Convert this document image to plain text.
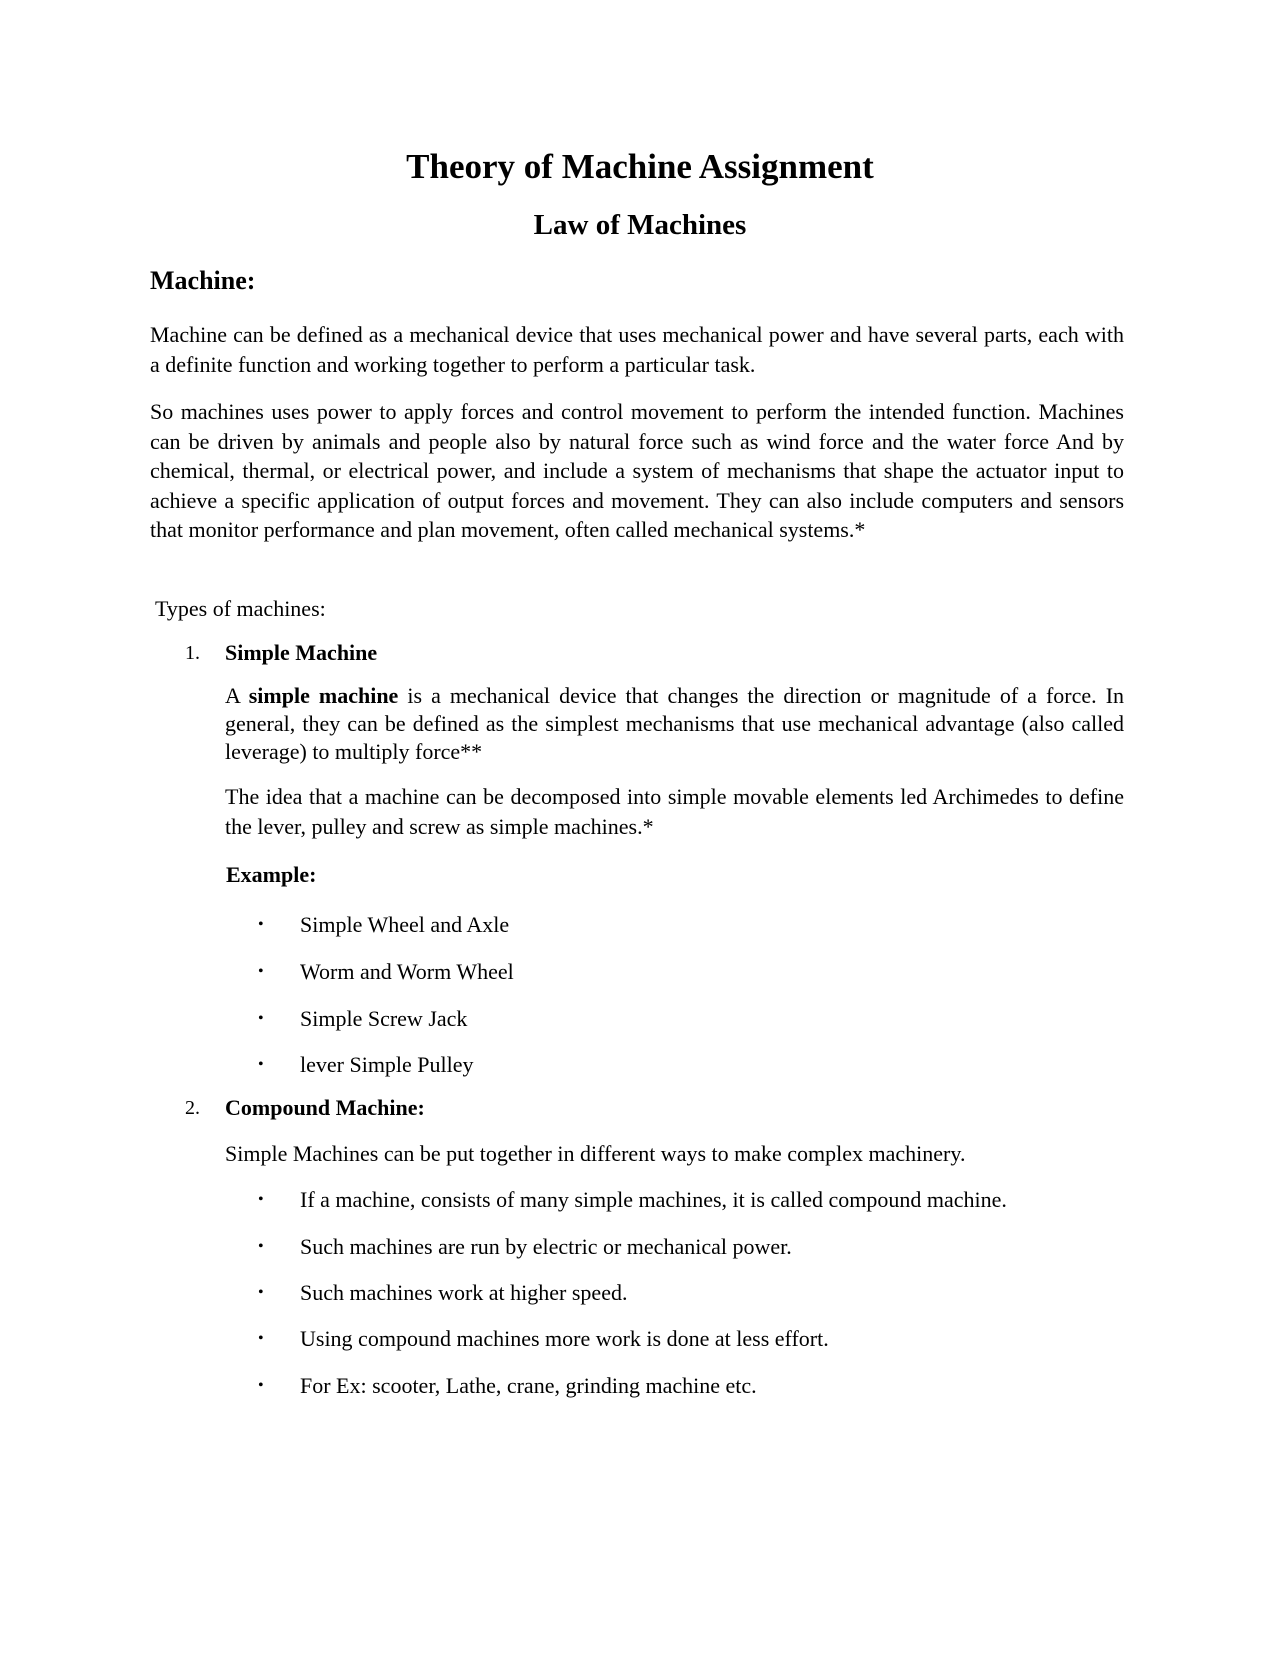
Theory of Machine Assignment
Law of Machines
Machine:

Machine can be defined as a mechanical device that uses mechanical power and have several parts, each with a definite function and working together to perform a particular task.

So machines uses power to apply forces and control movement to perform the intended function. Machines can be driven by animals and people also by natural force such as wind force and the water force And by chemical, thermal, or electrical power, and include a system of mechanisms that shape the actuator input to achieve a specific application of output forces and movement. They can also include computers and sensors that monitor performance and plan movement, often called mechanical systems.*

Types of machines:

1.	Simple Machine

A simple machine is a mechanical device that changes the direction or magnitude of a force. In general, they can be defined as the simplest mechanisms that use mechanical advantage (also called leverage) to multiply force**

The idea that a machine can be decomposed into simple movable elements led Archimedes to define the lever, pulley and screw as simple machines.*

Example:

• Simple Wheel and Axle
• Worm and Worm Wheel
• Simple Screw Jack
• lever Simple Pulley
2.	Compound Machine:

Simple Machines can be put together in different ways to make complex machinery.

• If a machine, consists of many simple machines, it is called compound machine.
• Such machines are run by electric or mechanical power.
• Such machines work at higher speed.
• Using compound machines more work is done at less effort.
• For Ex: scooter, Lathe, crane, grinding machine etc.
